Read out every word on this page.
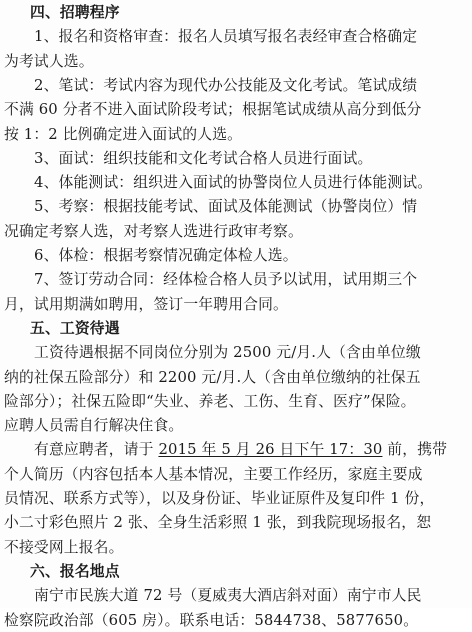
四、招聘程序
1、报名和资格审查：报名人员填写报名表经审查合格确定
为考试人选。
2、笔试：考试内容为现代办公技能及文化考试。笔试成绩
不满 60 分者不进入面试阶段考试；根据笔试成绩从高分到低分
按 1：2 比例确定进入面试的人选。
3、面试：组织技能和文化考试合格人员进行面试。
4、体能测试：组织进入面试的协警岗位人员进行体能测试。
5、考察：根据技能考试、面试及体能测试（协警岗位）情
况确定考察人选，对考察人选进行政审考察。
6、体检：根据考察情况确定体检人选。
7、签订劳动合同：经体检合格人员予以试用，试用期三个
月，试用期满如聘用，签订一年聘用合同。
五、工资待遇
工资待遇根据不同岗位分别为 2500 元/月.人（含由单位缴
纳的社保五险部分）和 2200 元/月.人（含由单位缴纳的社保五
险部分）；社保五险即“失业、养老、工伤、生育、医疗”保险。
应聘人员需自行解决住食。
有意应聘者，请于 2015 年 5 月 26 日下午 17：30 前，携带
个人简历（内容包括本人基本情况，主要工作经历，家庭主要成
员情况、联系方式等），以及身份证、毕业证原件及复印件 1 份，
小二寸彩色照片 2 张、全身生活彩照 1 张，到我院现场报名，恕
不接受网上报名。
六、报名地点
南宁市民族大道 72 号（夏威夷大酒店斜对面）南宁市人民
检察院政治部（605 房）。联系电话：5844738、5877650。
